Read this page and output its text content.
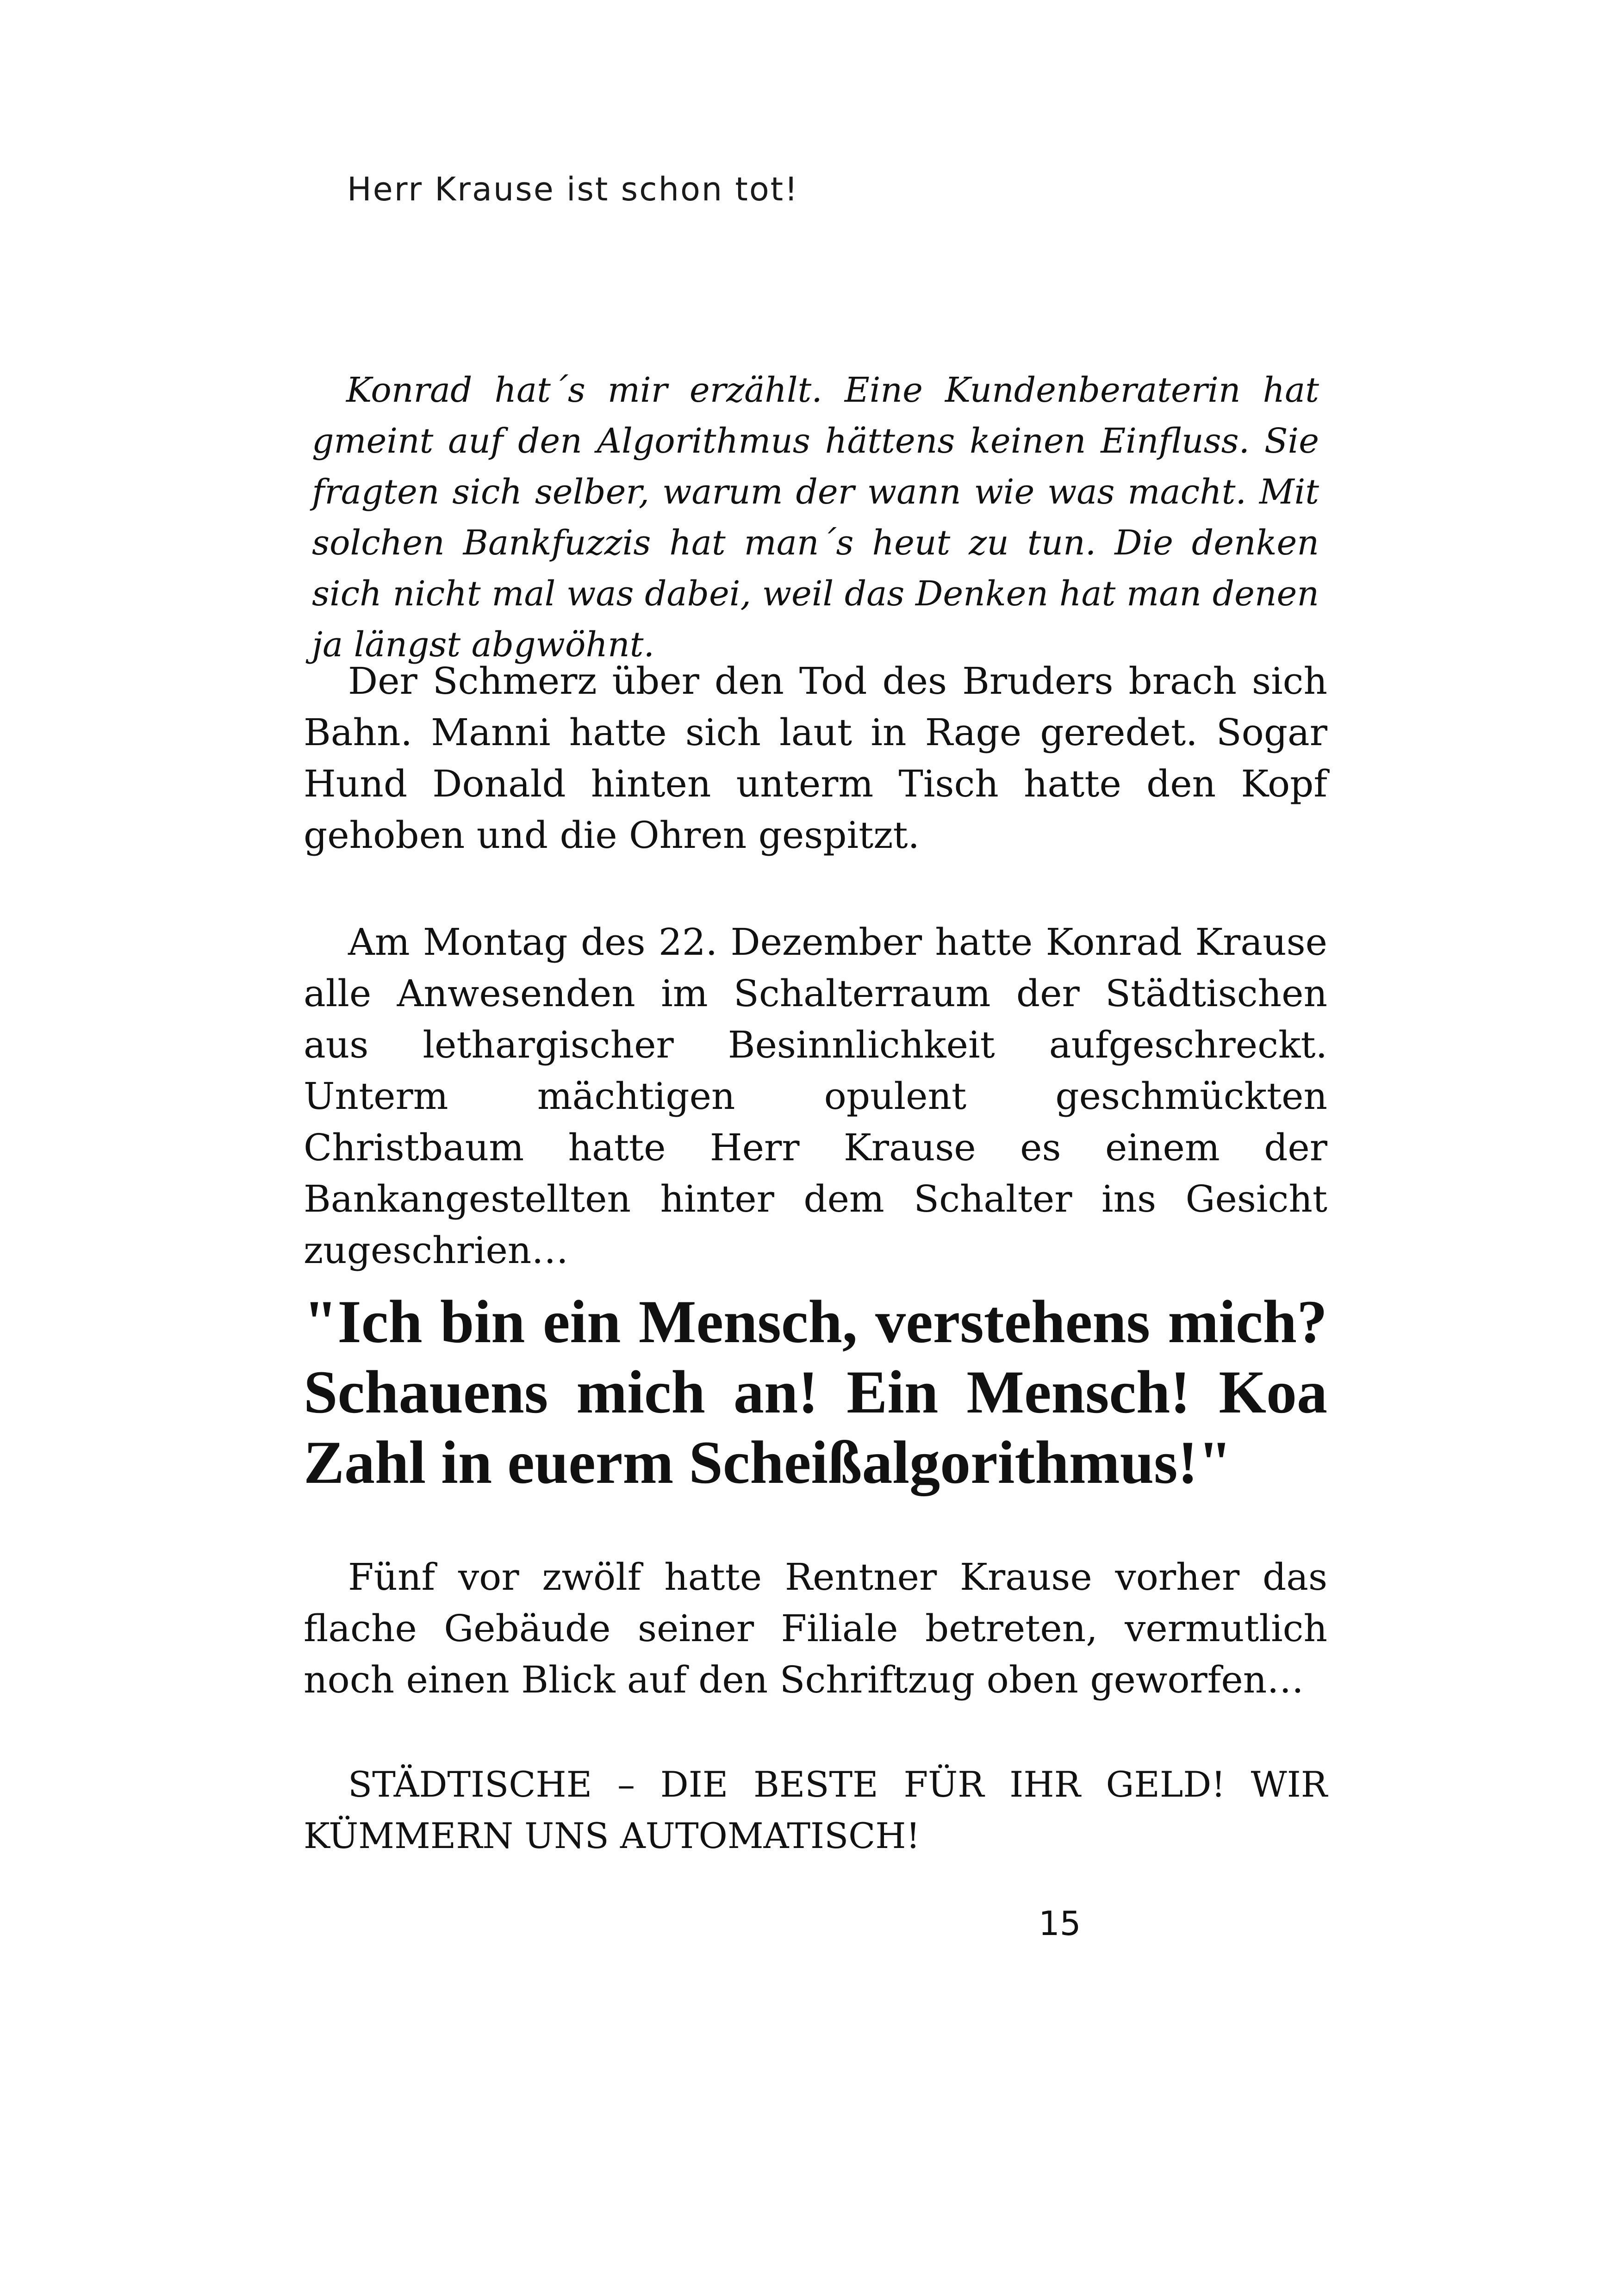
Herr Krause ist schon tot!

Konrad hat´s mir erzählt. Eine Kundenberaterin hat gmeint auf den Algorithmus hättens keinen Einfluss. Sie fragten sich selber, warum der wann wie was macht. Mit solchen Bankfuzzis hat man´s heut zu tun. Die denken sich nicht mal was dabei, weil das Denken hat man denen ja längst abgwöhnt.

Der Schmerz über den Tod des Bruders brach sich Bahn. Manni hatte sich laut in Rage geredet. Sogar Hund Donald hinten unterm Tisch hatte den Kopf gehoben und die Ohren gespitzt.

Am Montag des 22. Dezember hatte Konrad Krause alle Anwesenden im Schalterraum der Städtischen aus lethargischer Besinnlichkeit aufgeschreckt. Unterm mächtigen opulent geschmückten Christbaum hatte Herr Krause es einem der Bankangestellten hinter dem Schalter ins Gesicht zugeschrien…

"Ich bin ein Mensch, verstehens mich? Schauens mich an! Ein Mensch! Koa Zahl in euerm Scheißalgorithmus!"

Fünf vor zwölf hatte Rentner Krause vorher das flache Gebäude seiner Filiale betreten, vermutlich noch einen Blick auf den Schriftzug oben geworfen…

STÄDTISCHE – DIE BESTE FÜR IHR GELD! WIR KÜMMERN UNS AUTOMATISCH!

15
